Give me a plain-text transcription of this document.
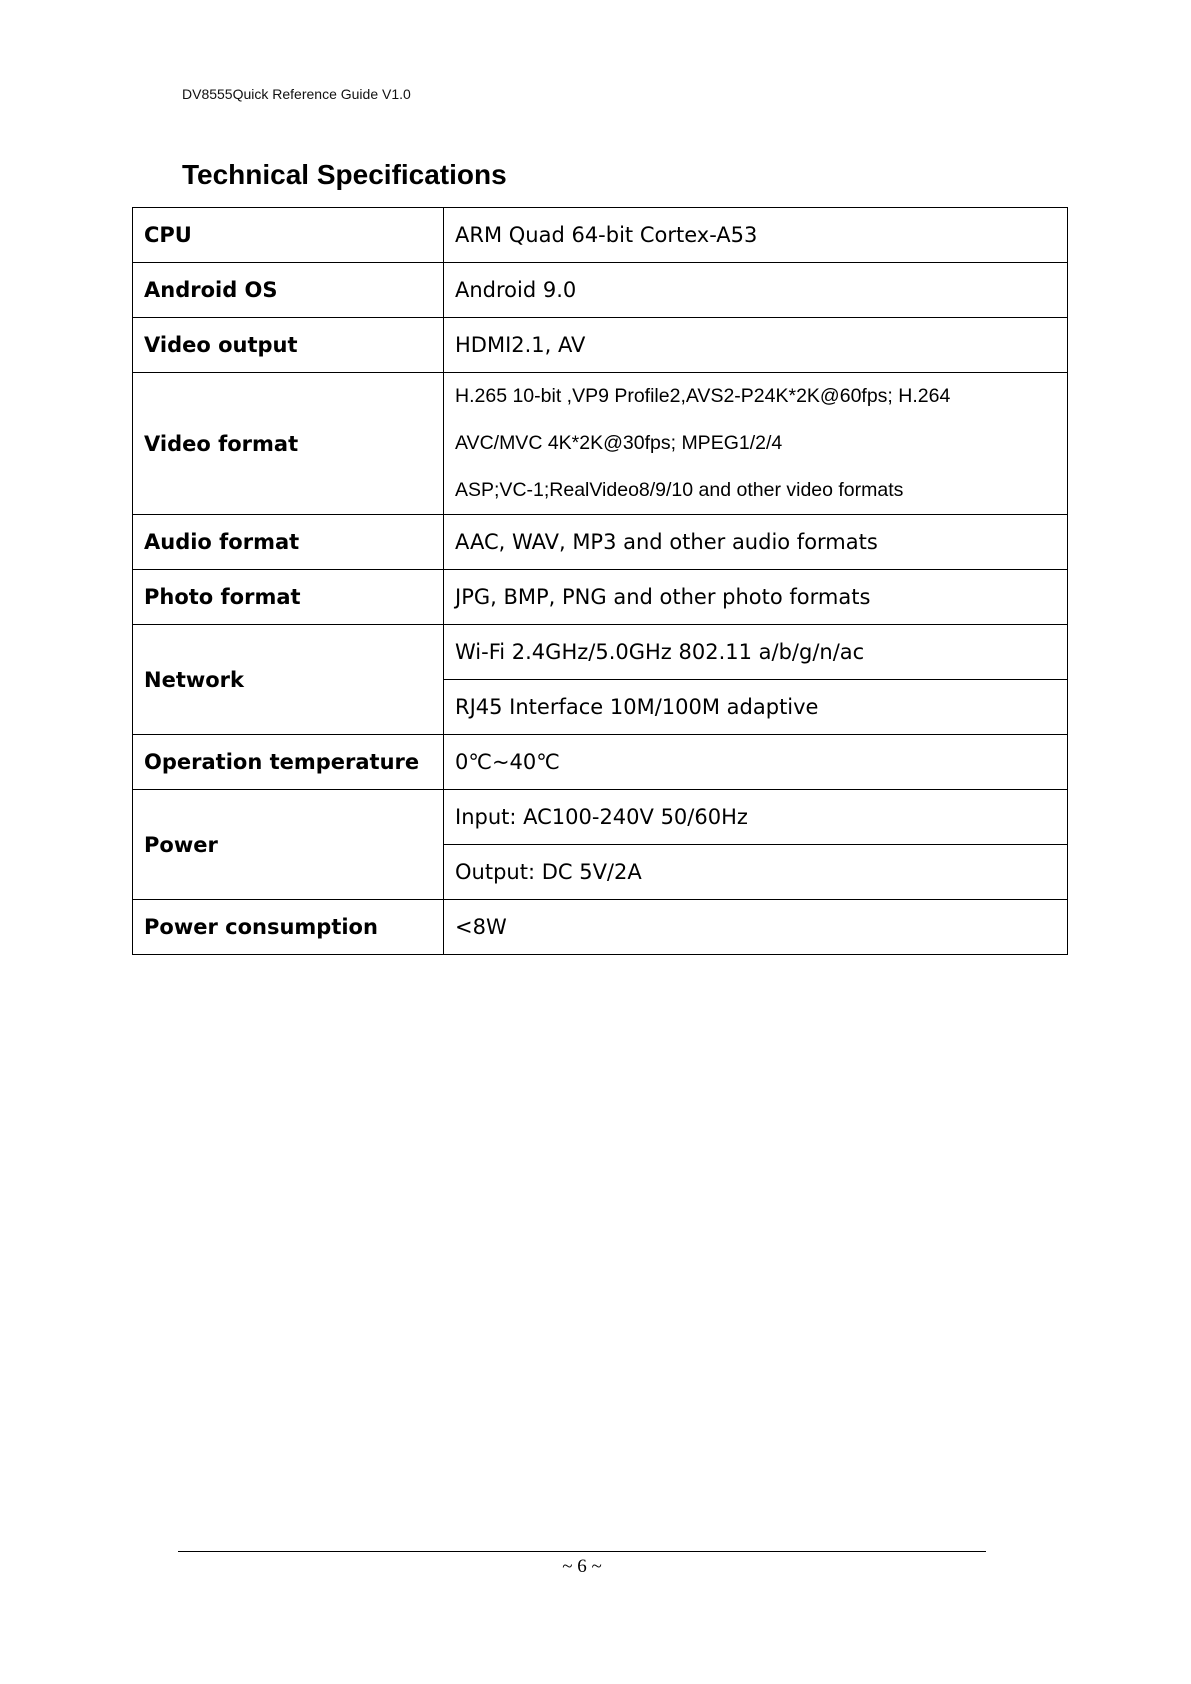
DV8555Quick Reference Guide V1.0
Technical Specifications
CPU	ARM Quad 64-bit Cortex-A53
Android OS	Android 9.0
Video output	HDMI2.1, AV
Video format	H.265 10-bit ,VP9 Profile2,AVS2-P24K*2K@60fps; H.264
AVC/MVC 4K*2K@30fps; MPEG1/2/4
ASP;VC-1;RealVideo8/9/10 and other video formats

Audio format	AAC, WAV, MP3 and other audio formats
Photo format	JPG, BMP, PNG and other photo formats
Network	Wi-Fi 2.4GHz/5.0GHz 802.11 a/b/g/n/ac
	RJ45 Interface 10M/100M adaptive
Operation temperature	0℃~40℃
Power	Input: AC100-240V 50/60Hz
	Output: DC 5V/2A
Power consumption	<8W
~ 6 ~
